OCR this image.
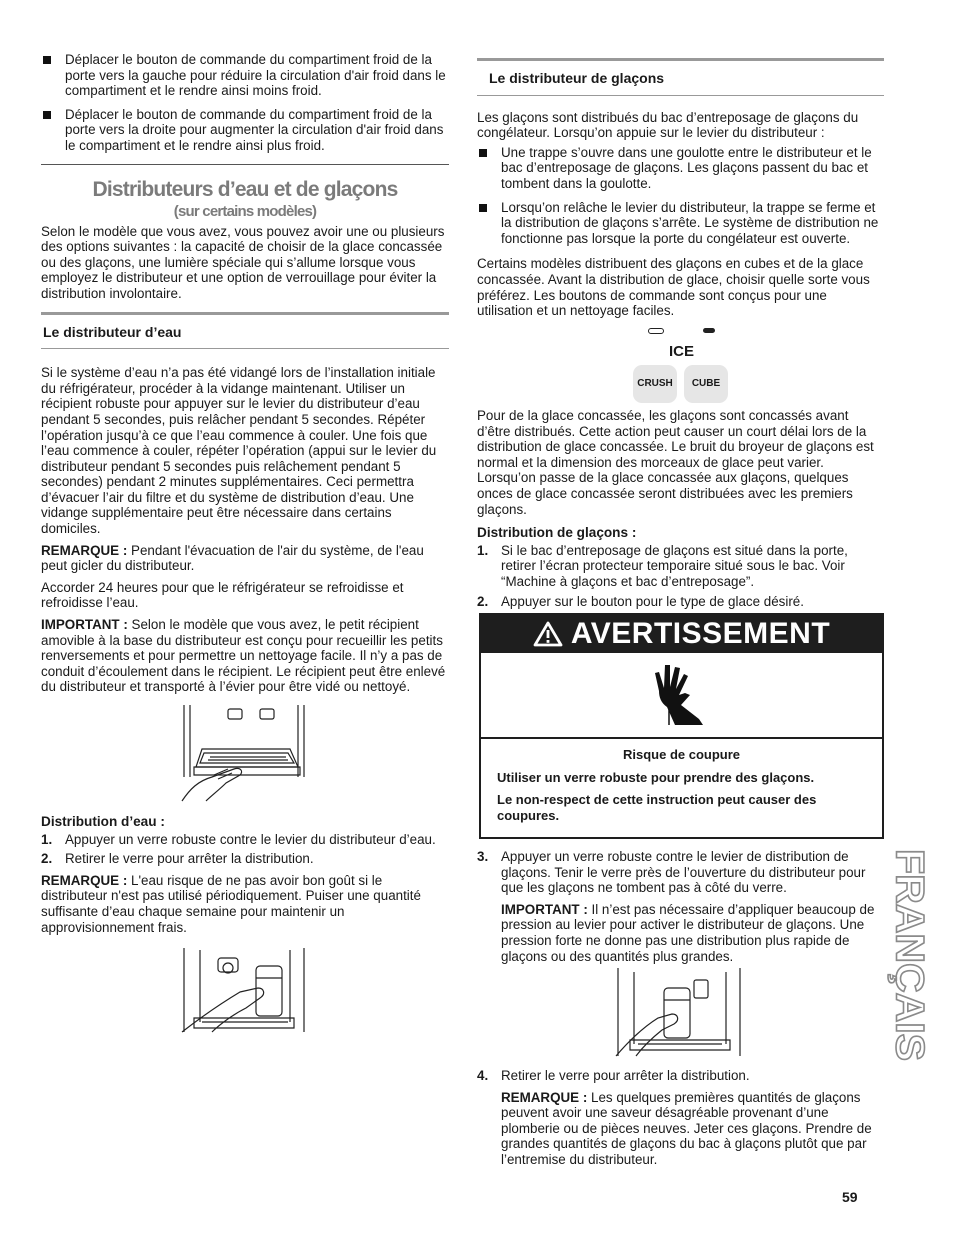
Déplacer le bouton de commande du compartiment froid de la porte vers la gauche pour réduire la circulation d'air froid dans le compartiment et le rendre ainsi moins froid.
Déplacer le bouton de commande du compartiment froid de la porte vers la droite pour augmenter la circulation d'air froid dans le compartiment et le rendre ainsi plus froid.
Distributeurs d’eau et de glaçons
(sur certains modèles)

Selon le modèle que vous avez, vous pouvez avoir une ou plusieurs des options suivantes : la capacité de choisir de la glace concassée ou des glaçons, une lumière spéciale qui s’allume lorsque vous employez le distributeur et une option de verrouillage pour éviter la distribution involontaire.

Le distributeur d’eau

Si le système d’eau n’a pas été vidangé lors de l’installation initiale du réfrigérateur, procéder à la vidange maintenant. Utiliser un récipient robuste pour appuyer sur le levier du distributeur d’eau pendant 5 secondes, puis relâcher pendant 5 secondes. Répéter l’opération jusqu’à ce que l’eau commence à couler. Une fois que l’eau commence à couler, répéter l’opération (appui sur le levier du distributeur pendant 5 secondes puis relâchement pendant 5 secondes) pendant 2 minutes supplémentaires. Ceci permettra d’évacuer l’air du filtre et du système de distribution d’eau. Une vidange supplémentaire peut être nécessaire dans certains domiciles.

REMARQUE : Pendant l'évacuation de l'air du système, de l'eau peut gicler du distributeur.

Accorder 24 heures pour que le réfrigérateur se refroidisse et refroidisse l’eau.

IMPORTANT : Selon le modèle que vous avez, le petit récipient amovible à la base du distributeur est conçu pour recueillir les petits renversements et pour permettre un nettoyage facile. Il n’y a pas de conduit d’écoulement dans le récipient. Le récipient peut être enlevé du distributeur et transporté à l’évier pour être vidé ou nettoyé.

Distribution d’eau :
1. Appuyer un verre robuste contre le levier du distributeur d’eau.
2. Retirer le verre pour arrêter la distribution.

REMARQUE : L'eau risque de ne pas avoir bon goût si le distributeur n'est pas utilisé périodiquement. Puiser une quantité suffisante d’eau chaque semaine pour maintenir un approvisionnement frais.

Le distributeur de glaçons

Les glaçons sont distribués du bac d’entreposage de glaçons du congélateur. Lorsqu’on appuie sur le levier du distributeur :

Une trappe s’ouvre dans une goulotte entre le distributeur et le bac d’entreposage de glaçons. Les glaçons passent du bac et tombent dans la goulotte.
Lorsqu’on relâche le levier du distributeur, la trappe se ferme et la distribution de glaçons s’arrête. Le système de distribution ne fonctionne pas lorsque la porte du congélateur est ouverte.

Certains modèles distribuent des glaçons en cubes et de la glace concassée. Avant la distribution de glace, choisir quelle sorte vous préférez. Les boutons de commande sont conçus pour une utilisation et un nettoyage faciles.

ICE
CRUSH	CUBE

Pour de la glace concassée, les glaçons sont concassés avant d’être distribués. Cette action peut causer un court délai lors de la distribution de glace concassée. Le bruit du broyeur de glaçons est normal et la dimension des morceaux de glace peut varier. Lorsqu’on passe de la glace concassée aux glaçons, quelques onces de glace concassée seront distribuées avec les premiers glaçons.

Distribution de glaçons :
1. Si le bac d’entreposage de glaçons est situé dans la porte, retirer l’écran protecteur temporaire situé sous le bac. Voir “Machine à glaçons et bac d’entreposage”.
2. Appuyer sur le bouton pour le type de glace désiré.
AVERTISSEMENT

Risque de coupure

Utiliser un verre robuste pour prendre des glaçons.

Le non-respect de cette instruction peut causer des coupures.

3. Appuyer un verre robuste contre le levier de distribution de glaçons. Tenir le verre près de l’ouverture du distributeur pour que les glaçons ne tombent pas à côté du verre.

IMPORTANT : Il n’est pas nécessaire d’appliquer beaucoup de pression au levier pour activer le distributeur de glaçons. Une pression forte ne donne pas une distribution plus rapide de glaçons ou des quantités plus grandes.

4. Retirer le verre pour arrêter la distribution.

REMARQUE : Les quelques premières quantités de glaçons peuvent avoir une saveur désagréable provenant d’une plomberie ou de pièces neuves. Jeter ces glaçons. Prendre de grandes quantités de glaçons du bac à glaçons plutôt que par l’entremise du distributeur.

FRANÇAIS
59
